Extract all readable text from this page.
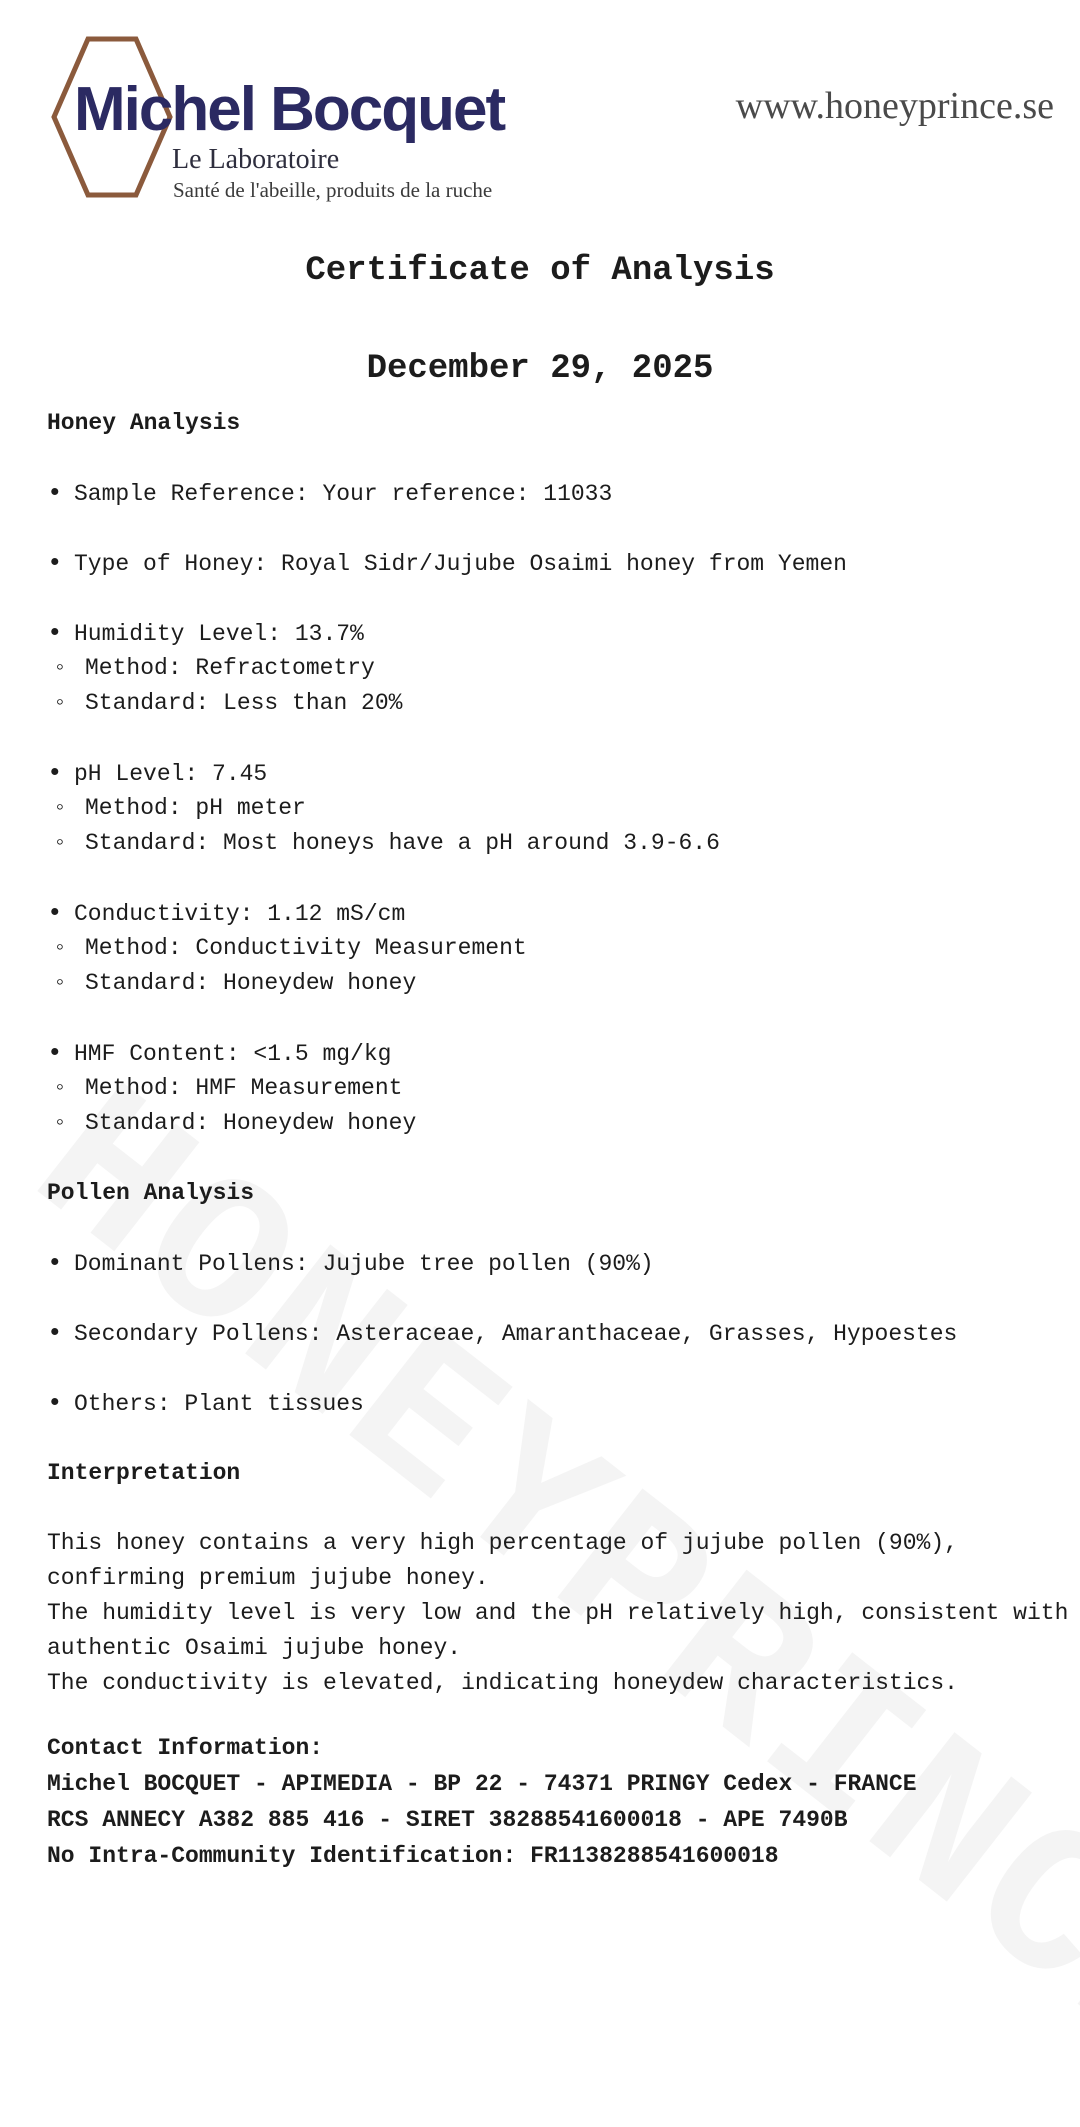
Michel Bocquet
Le Laboratoire
Santé de l'abeille, produits de la ruche
www.honeyprince.se
Certificate of Analysis
December 29, 2025
Honey Analysis
• Sample Reference: Your reference: 11033
• Type of Honey: Royal Sidr/Jujube Osaimi honey from Yemen
• Humidity Level: 13.7%
◦ Method: Refractometry
◦ Standard: Less than 20%
• pH Level: 7.45
◦ Method: pH meter
◦ Standard: Most honeys have a pH around 3.9-6.6
• Conductivity: 1.12 mS/cm
◦ Method: Conductivity Measurement
◦ Standard: Honeydew honey
• HMF Content: <1.5 mg/kg
◦ Method: HMF Measurement
◦ Standard: Honeydew honey
Pollen Analysis
• Dominant Pollens: Jujube tree pollen (90%)
• Secondary Pollens: Asteraceae, Amaranthaceae, Grasses, Hypoestes
• Others: Plant tissues
Interpretation
This honey contains a very high percentage of jujube pollen (90%),
confirming premium jujube honey.
The humidity level is very low and the pH relatively high, consistent with
authentic Osaimi jujube honey.
The conductivity is elevated, indicating honeydew characteristics.
Contact Information:
Michel BOCQUET - APIMEDIA - BP 22 - 74371 PRINGY Cedex - FRANCE
RCS ANNECY A382 885 416 - SIRET 38288541600018 - APE 7490B
No Intra-Community Identification: FR1138288541600018
